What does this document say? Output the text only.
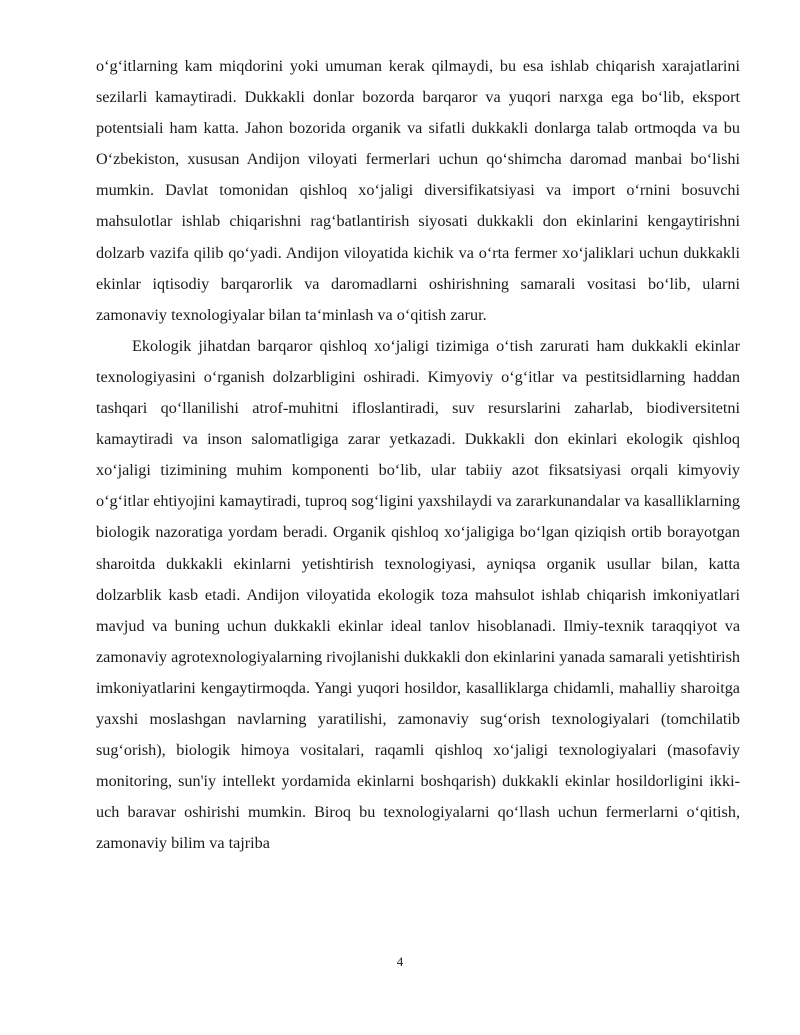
o‘g‘itlarning kam miqdorini yoki umuman kerak qilmaydi, bu esa ishlab chiqarish xarajatlarini sezilarli kamaytiradi. Dukkakli donlar bozorda barqaror va yuqori narxga ega bo‘lib, eksport potentsiali ham katta. Jahon bozorida organik va sifatli dukkakli donlarga talab ortmoqda va bu O‘zbekiston, xususan Andijon viloyati fermerlari uchun qo‘shimcha daromad manbai bo‘lishi mumkin. Davlat tomonidan qishloq xo‘jaligi diversifikatsiyasi va import o‘rnini bosuvchi mahsulotlar ishlab chiqarishni rag‘batlantirish siyosati dukkakli don ekinlarini kengaytirishni dolzarb vazifa qilib qo‘yadi. Andijon viloyatida kichik va o‘rta fermer xo‘jaliklari uchun dukkakli ekinlar iqtisodiy barqarorlik va daromadlarni oshirishning samarali vositasi bo‘lib, ularni zamonaviy texnologiyalar bilan ta‘minlash va o‘qitish zarur.

Ekologik jihatdan barqaror qishloq xo‘jaligi tizimiga o‘tish zarurati ham dukkakli ekinlar texnologiyasini o‘rganish dolzarbligini oshiradi. Kimyoviy o‘g‘itlar va pestitsidlarning haddan tashqari qo‘llanilishi atrof-muhitni ifloslantiradi, suv resurslarini zaharlab, biodiversitetni kamaytiradi va inson salomatligiga zarar yetkazadi. Dukkakli don ekinlari ekologik qishloq xo‘jaligi tizimining muhim komponenti bo‘lib, ular tabiiy azot fiksatsiyasi orqali kimyoviy o‘g‘itlar ehtiyojini kamaytiradi, tuproq sog‘ligini yaxshilaydi va zararkunandalar va kasalliklarning biologik nazoratiga yordam beradi. Organik qishloq xo‘jaligiga bo‘lgan qiziqish ortib borayotgan sharoitda dukkakli ekinlarni yetishtirish texnologiyasi, ayniqsa organik usullar bilan, katta dolzarblik kasb etadi. Andijon viloyatida ekologik toza mahsulot ishlab chiqarish imkoniyatlari mavjud va buning uchun dukkakli ekinlar ideal tanlov hisoblanadi. Ilmiy-texnik taraqqiyot va zamonaviy agrotexnologiyalarning rivojlanishi dukkakli don ekinlarini yanada samarali yetishtirish imkoniyatlarini kengaytirmoqda. Yangi yuqori hosildor, kasalliklarga chidamli, mahalliy sharoitga yaxshi moslashgan navlarning yaratilishi, zamonaviy sug‘orish texnologiyalari (tomchilatib sug‘orish), biologik himoya vositalari, raqamli qishloq xo‘jaligi texnologiyalari (masofaviy monitoring, sun'iy intellekt yordamida ekinlarni boshqarish) dukkakli ekinlar hosildorligini ikki-uch baravar oshirishi mumkin. Biroq bu texnologiyalarni qo‘llash uchun fermerlarni o‘qitish, zamonaviy bilim va tajriba

4
